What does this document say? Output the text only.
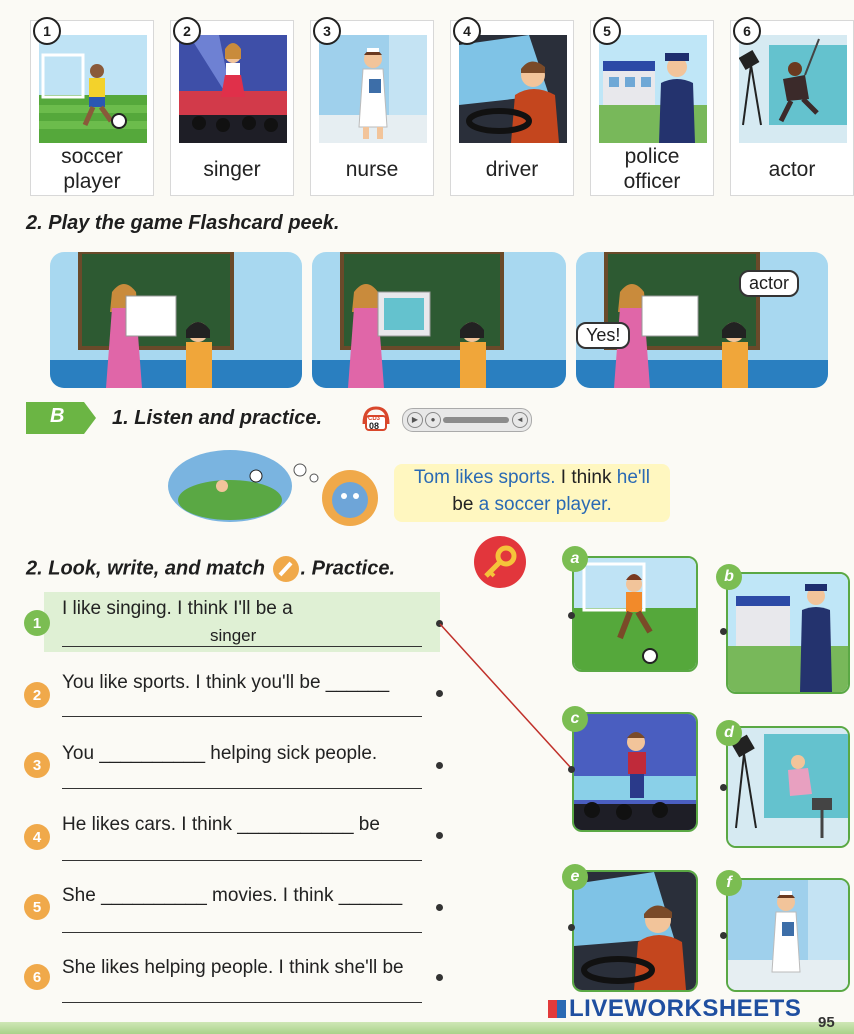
soccer player
1
singer
2
nurse
3
driver
4
police officer
5
actor
6
2. Play the game Flashcard peek.
actor
Yes!
B 1. Listen and practice.	CD3
08
▶	●	◄
Tom likes sports. I think he'll
be a soccer player.
2. Look, write, and match . Practice.
1
I like singing. I think I'll be a
singer
2
You like sports. I think you'll be ______
3
You __________ helping sick people.
4
He likes cars. I think ___________ be
5
She __________ movies. I think ______
6	She likes helping people. I think she'll be
a
b
c
d
e	f
LIVEWORKSHEETS
95
